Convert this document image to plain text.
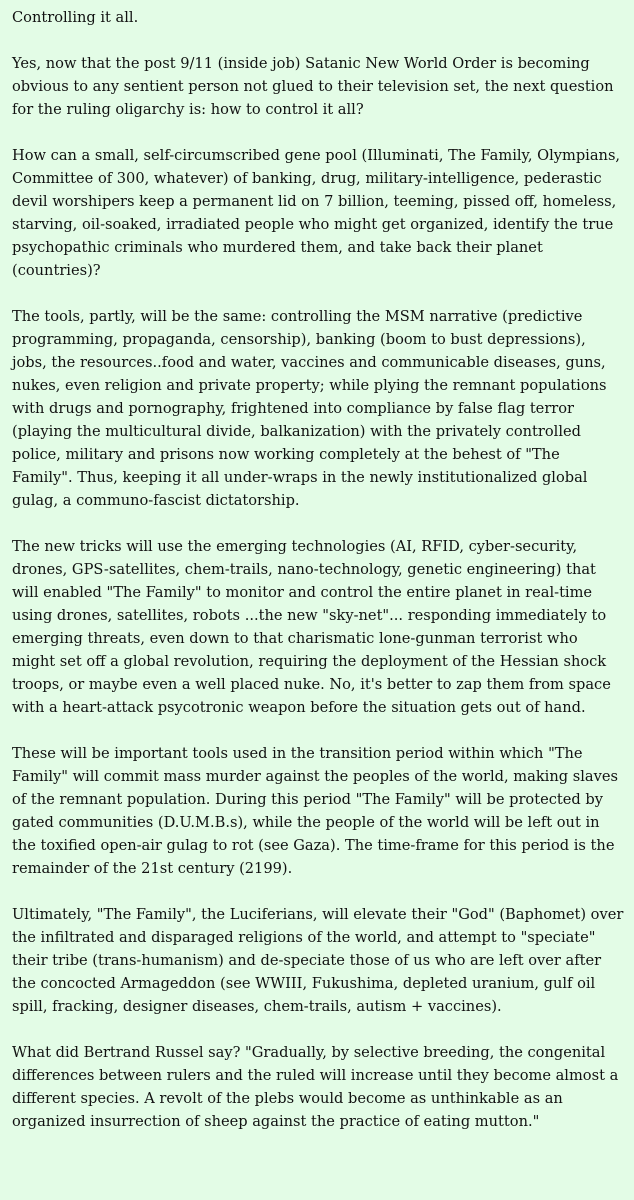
Controlling it all.

Yes, now that the post 9/11 (inside job) Satanic New World Order is becoming obvious to any sentient person not glued to their television set, the next question for the ruling oligarchy is: how to control it all?

How can a small, self-circumscribed gene pool (Illuminati, The Family, Olympians, Committee of 300, whatever) of banking, drug, military-intelligence, pederastic devil worshipers keep a permanent lid on 7 billion, teeming, pissed off, homeless, starving, oil-soaked, irradiated people who might get organized, identify the true psychopathic criminals who murdered them, and take back their planet (countries)?

The tools, partly, will be the same: controlling the MSM narrative (predictive programming, propaganda, censorship), banking (boom to bust depressions), jobs, the resources..food and water, vaccines and communicable diseases, guns, nukes, even religion and private property; while plying the remnant populations with drugs and pornography, frightened into compliance by false flag terror (playing the multicultural divide, balkanization) with the privately controlled police, military and prisons now working completely at the behest of "The Family". Thus, keeping it all under-wraps in the newly institutionalized global gulag, a communo-fascist dictatorship.

The new tricks will use the emerging technologies (AI, RFID, cyber-security, drones, GPS-satellites, chem-trails, nano-technology, genetic engineering) that will enabled "The Family" to monitor and control the entire planet in real-time using drones, satellites, robots ...the new "sky-net"... responding immediately to emerging threats, even down to that charismatic lone-gunman terrorist who might set off a global revolution, requiring the deployment of the Hessian shock troops, or maybe even a well placed nuke. No, it's better to zap them from space with a heart-attack psycotronic weapon before the situation gets out of hand.

These will be important tools used in the transition period within which "The Family" will commit mass murder against the peoples of the world, making slaves of the remnant population. During this period "The Family" will be protected by gated communities (D.U.M.B.s), while the people of the world will be left out in the toxified open-air gulag to rot (see Gaza). The time-frame for this period is the remainder of the 21st century (2199).

Ultimately, "The Family", the Luciferians, will elevate their "God" (Baphomet) over the infiltrated and disparaged religions of the world, and attempt to "speciate" their tribe (trans-humanism) and de-speciate those of us who are left over after the concocted Armageddon (see WWIII, Fukushima, depleted uranium, gulf oil spill, fracking, designer diseases, chem-trails, autism + vaccines).

What did Bertrand Russel say? "Gradually, by selective breeding, the congenital differences between rulers and the ruled will increase until they become almost a different species. A revolt of the plebs would become as unthinkable as an organized insurrection of sheep against the practice of eating mutton."
